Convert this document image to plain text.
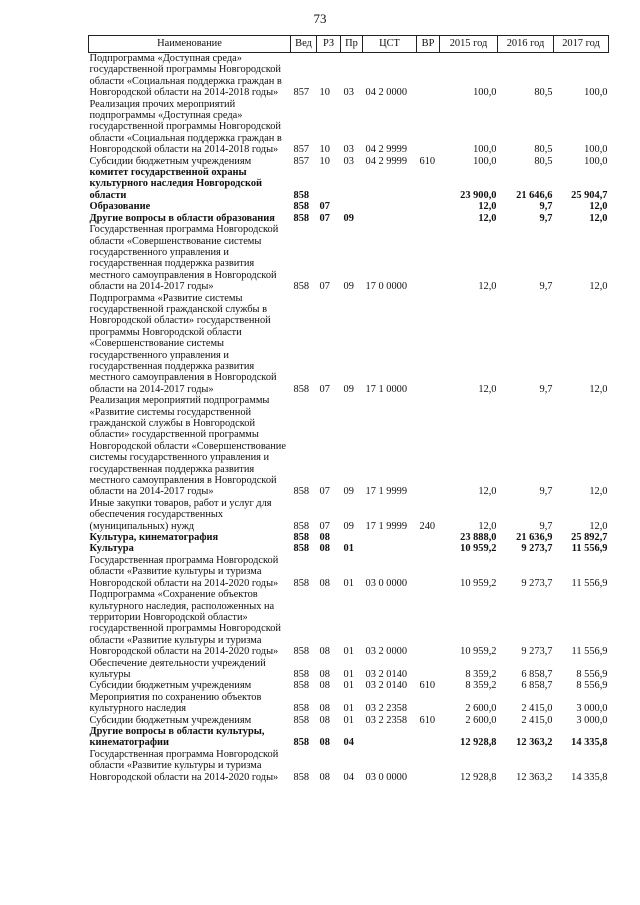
73
Наименование	Вед	РЗ	Пр	ЦСТ	ВР	2015 год	2016 год	2017 год
Подпрограмма «Доступная среда» государственной программы Новгородской области «Социальная поддержка граждан в Новгородской области на 2014-2018 годы»	857	10	03	04 2 0000		100,0	80,5	100,0
Реализация прочих мероприятий подпрограммы «Доступная среда» государственной программы Новгородской области «Социальная поддержка граждан в Новгородской области на 2014-2018 годы»	857	10	03	04 2 9999		100,0	80,5	100,0
Субсидии бюджетным учреждениям	857	10	03	04 2 9999	610	100,0	80,5	100,0
комитет государственной охраны культурного наследия Новгородской области	858					23 900,0	21 646,6	25 904,7
Образование	858	07				12,0	9,7	12,0
Другие вопросы в области образования	858	07	09			12,0	9,7	12,0
Государственная программа Новгородской области «Совершенствование системы государственного управления и государственная поддержка развития местного самоуправления в Новгородской области на 2014-2017 годы»	858	07	09	17 0 0000		12,0	9,7	12,0
Подпрограмма «Развитие системы государственной гражданской службы в Новгородской области» государственной программы Новгородской области «Совершенствование системы государственного управления и государственная поддержка развития местного самоуправления в Новгородской области на 2014-2017 годы»	858	07	09	17 1 0000		12,0	9,7	12,0
Реализация мероприятий подпрограммы «Развитие системы государственной гражданской службы в Новгородской области» государственной программы Новгородской области «Совершенствование системы государственного управления и государственная поддержка развития местного самоуправления в Новгородской области на 2014-2017 годы»	858	07	09	17 1 9999		12,0	9,7	12,0
Иные закупки товаров, работ и услуг для обеспечения государственных (муниципальных) нужд	858	07	09	17 1 9999	240	12,0	9,7	12,0
Культура, кинематография	858	08				23 888,0	21 636,9	25 892,7
Культура	858	08	01			10 959,2	9 273,7	11 556,9
Государственная программа Новгородской области «Развитие культуры и туризма Новгородской области на 2014-2020 годы»	858	08	01	03 0 0000		10 959,2	9 273,7	11 556,9
Подпрограмма «Сохранение объектов культурного наследия, расположенных на территории Новгородской области» государственной программы Новгородской области «Развитие культуры и туризма Новгородской области на 2014-2020 годы»	858	08	01	03 2 0000		10 959,2	9 273,7	11 556,9
Обеспечение деятельности учреждений культуры	858	08	01	03 2 0140		8 359,2	6 858,7	8 556,9
Субсидии бюджетным учреждениям	858	08	01	03 2 0140	610	8 359,2	6 858,7	8 556,9
Мероприятия по сохранению объектов культурного наследия	858	08	01	03 2 2358		2 600,0	2 415,0	3 000,0
Субсидии бюджетным учреждениям	858	08	01	03 2 2358	610	2 600,0	2 415,0	3 000,0
Другие вопросы в области культуры, кинематографии	858	08	04			12 928,8	12 363,2	14 335,8
Государственная программа Новгородской области «Развитие культуры и туризма Новгородской области на 2014-2020 годы»	858	08	04	03 0 0000		12 928,8	12 363,2	14 335,8
